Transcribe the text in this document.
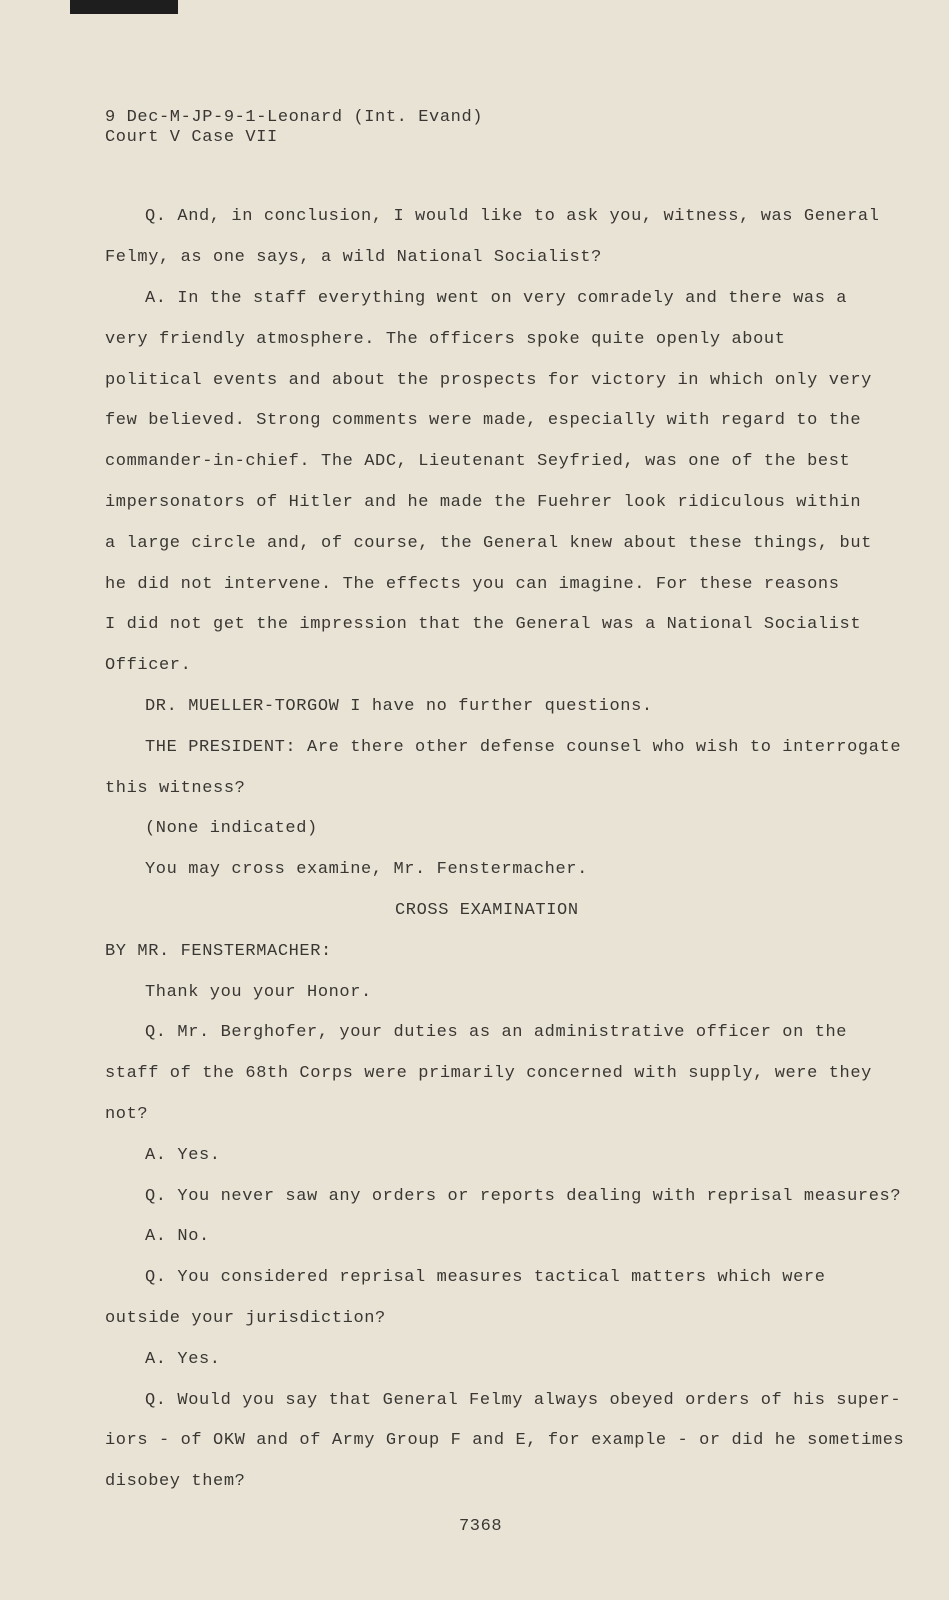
9 Dec-M-JP-9-1-Leonard (Int. Evand)
Court V Case VII
Q. And, in conclusion, I would like to ask you, witness, was General
Felmy, as one says, a wild National Socialist?
A. In the staff everything went on very comradely and there was a
very friendly atmosphere. The officers spoke quite openly about
political events and about the prospects for victory in which only very
few believed. Strong comments were made, especially with regard to the
commander-in-chief. The ADC, Lieutenant Seyfried, was one of the best
impersonators of Hitler and he made the Fuehrer look ridiculous within
a large circle and, of course, the General knew about these things, but
he did not intervene. The effects you can imagine. For these reasons
I did not get the impression that the General was a National Socialist
Officer.
DR. MUELLER-TORGOW I have no further questions.
THE PRESIDENT: Are there other defense counsel who wish to interrogate
this witness?
(None indicated)
You may cross examine, Mr. Fenstermacher.
CROSS EXAMINATION
BY MR. FENSTERMACHER:
Thank you your Honor.
Q. Mr. Berghofer, your duties as an administrative officer on the
staff of the 68th Corps were primarily concerned with supply, were they
not?
A. Yes.
Q. You never saw any orders or reports dealing with reprisal measures?
A. No.
Q. You considered reprisal measures tactical matters which were
outside your jurisdiction?
A. Yes.
Q. Would you say that General Felmy always obeyed orders of his super-
iors - of OKW and of Army Group F and E, for example - or did he sometimes
disobey them?
7368
